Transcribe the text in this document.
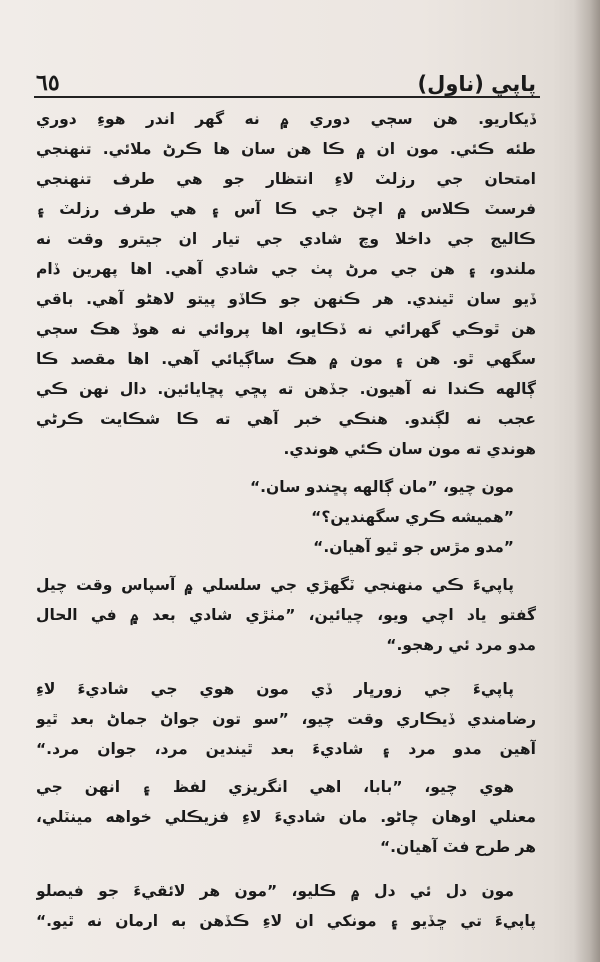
٦٥	پاپي (ناول)
ڏيکاريو. هن سڄي دوري ۾ نه گهر اندر هوءِ دوري
طئه ڪئي. مون ان ۾ ڪا هن سان ها ڪرڻ ملائي. تنهنجي
امتحان جي رزلٽ لاءِ انتظار جو هي طرف تنهنجي
فرسٽ ڪلاس ۾ اچڻ جي ڪا آس ۽ هي طرف رزلٽ ۽
ڪاليج جي داخلا وچ شادي جي تيار ان جيترو وقت نه
ملندو، ۽ هن جي مرڻ پٺ جي شادي آهي. اها پهرين ڏام
ڏيو سان ٿيندي. هر ڪنهن جو ڪاڏو پيتو لاهڻو آهي. باقي
هن ٿوڪي گهرائي نه ڏڪايو، اها پروائي نه هوڏ هڪ سڄي
سگهي ٿو. هن ۽ مون ۾ هڪ ساڳيائي آهي. اها مقصد ڪا
ڳالهه ڪندا نه آهيون. جڏهن ته پڇي پڇايائين. دال نهن ڪي
عجب نه لڳندو. هنڪي خبر آهي ته ڪا شڪايت ڪرڻي
هوندي ته مون سان ڪئي هوندي.
مون چيو، ”مان ڳالهه پڇندو سان.“
”هميشه ڪري سگهندين؟“
”مدو مڙس جو ٿيو آهيان.“
پاپيءَ ڪي منهنجي ٽگهڙي جي سلسلي ۾ آسپاس وقت چيل
گفتو ياد اچي ويو، چيائين، ”مٺڙي شادي بعد ۾ في الحال
مدو مرد ئي رهجو.“
پاپيءَ جي زورڀار ڏي مون هوي جي شاديءَ لاءِ
رضامندي ڏيڪاري وقت چيو، ”سو تون جواڻ جماڻ بعد ٿيو
آهين مدو مرد ۽ شاديءَ بعد ٿيندين مرد، جوان مرد.“
هوي چيو، ”بابا، اهي انگريزي لفظ ۽ انهن جي
معنلي اوهان چاڻو. مان شاديءَ لاءِ فزيڪلي خواهه مينٽلي،
هر طرح فٽ آهيان.“
مون دل ئي دل ۾ ڪليو، ”مون هر لائقيءَ جو فيصلو
پاپيءَ تي ڇڏيو ۽ مونکي ان لاءِ ڪڏهن به ارمان نه ٿيو.“
